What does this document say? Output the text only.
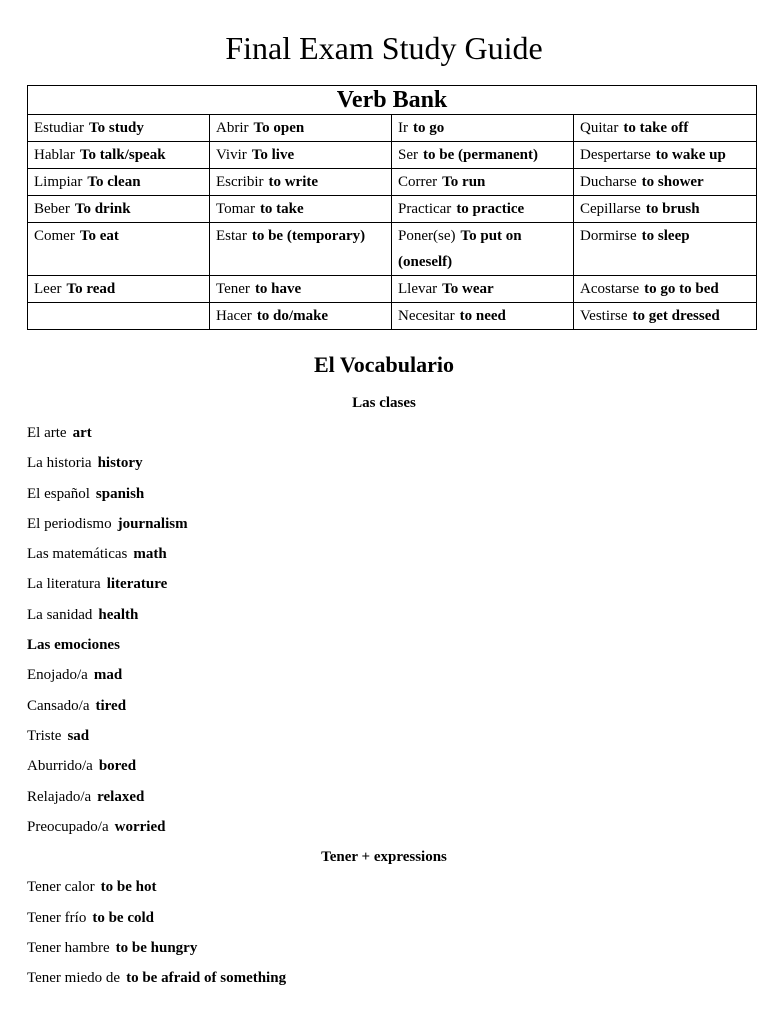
Final Exam Study Guide
Verb Bank			
Estudiar To study	Abrir To open	Ir to go	Quitar to take off
Hablar To talk/speak	Vivir To live	Ser to be (permanent)	Despertarse to wake up
Limpiar To clean	Escribir to write	Correr To run	Ducharse to shower
Beber To drink	Tomar to take	Practicar to practice	Cepillarse to brush
Comer To eat	Estar to be (temporary)	Poner(se) To put on (oneself)	Dormirse to sleep
Leer To read	Tener to have	Llevar To wear	Acostarse to go to bed
	Hacer to do/make	Necesitar to need	Vestirse to get dressed
El Vocabulario
Las clases
El arte art
La historia history
El español spanish
El periodismo journalism
Las matemáticas math
La literatura literature
La sanidad health
Las emociones
Enojado/a mad
Cansado/a tired
Triste sad
Aburrido/a bored
Relajado/a relaxed
Preocupado/a worried
Tener + expressions
Tener calor to be hot
Tener frío to be cold
Tener hambre to be hungry
Tener miedo de to be afraid of something
